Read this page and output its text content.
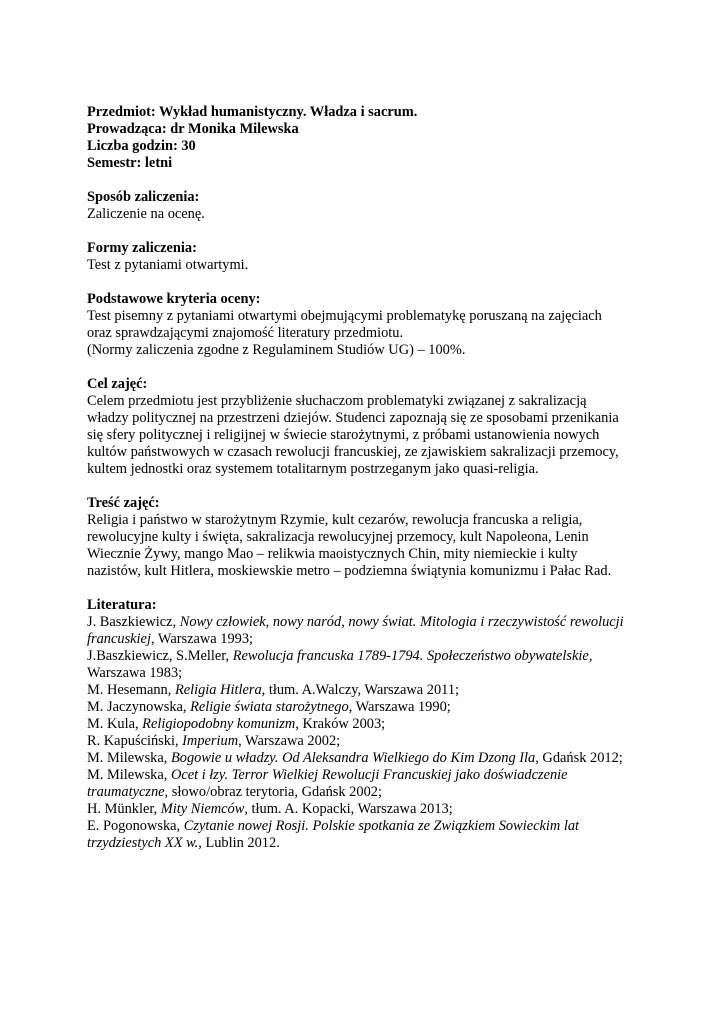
Przedmiot: Wykład humanistyczny. Władza i sacrum.
Prowadząca: dr Monika Milewska
Liczba godzin: 30
Semestr: letni
Sposób zaliczenia:
Zaliczenie na ocenę.
Formy zaliczenia:
Test z pytaniami otwartymi.
Podstawowe kryteria oceny:
Test pisemny z pytaniami otwartymi obejmującymi problematykę poruszaną na zajęciach
oraz sprawdzającymi znajomość literatury przedmiotu.
(Normy zaliczenia zgodne z Regulaminem Studiów UG) – 100%.
Cel zajęć:
Celem przedmiotu jest przybliżenie słuchaczom problematyki związanej z sakralizacją
władzy politycznej na przestrzeni dziejów. Studenci zapoznają się ze sposobami przenikania
się sfery politycznej i religijnej w świecie starożytnymi, z próbami ustanowienia nowych
kultów państwowych w czasach rewolucji francuskiej, ze zjawiskiem sakralizacji przemocy,
kultem jednostki oraz systemem totalitarnym postrzeganym jako quasi-religia.
Treść zajęć:
Religia i państwo w starożytnym Rzymie, kult cezarów, rewolucja francuska a religia,
rewolucyjne kulty i święta, sakralizacja rewolucyjnej przemocy, kult Napoleona, Lenin
Wiecznie Żywy, mango Mao – relikwia maoistycznych Chin, mity niemieckie i kulty
nazistów, kult Hitlera, moskiewskie metro – podziemna świątynia komunizmu i Pałac Rad.
Literatura:
J. Baszkiewicz, Nowy człowiek, nowy naród, nowy świat. Mitologia i rzeczywistość rewolucji
francuskiej, Warszawa 1993;
J.Baszkiewicz, S.Meller, Rewolucja francuska 1789-1794. Społeczeństwo obywatelskie,
Warszawa 1983;
M. Hesemann, Religia Hitlera, tłum. A.Walczy, Warszawa 2011;
M. Jaczynowska, Religie świata starożytnego, Warszawa 1990;
M. Kula, Religiopodobny komunizm, Kraków 2003;
R. Kapuściński, Imperium, Warszawa 2002;
M. Milewska, Bogowie u władzy. Od Aleksandra Wielkiego do Kim Dzong Ila, Gdańsk 2012;
M. Milewska, Ocet i łzy. Terror Wielkiej Rewolucji Francuskiej jako doświadczenie
traumatyczne, słowo/obraz terytoria, Gdańsk 2002;
H. Münkler, Mity Niemców, tłum. A. Kopacki, Warszawa 2013;
E. Pogonowska, Czytanie nowej Rosji. Polskie spotkania ze Związkiem Sowieckim lat
trzydziestych XX w., Lublin 2012.
